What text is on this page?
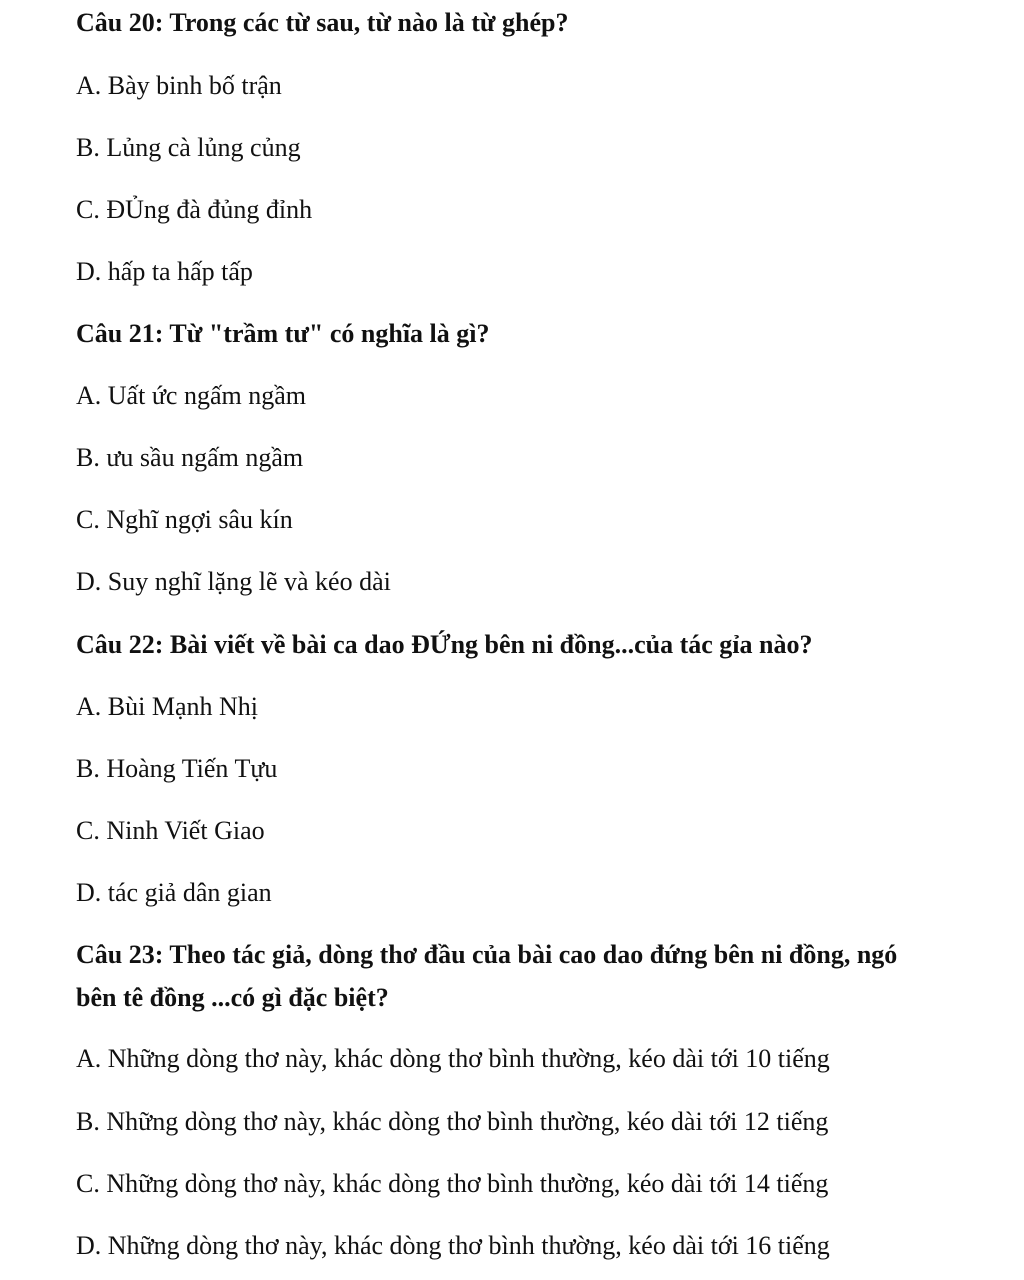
Câu 20: Trong các từ sau, từ nào là từ ghép?

A. Bày binh bố trận

B. Lủng cà lủng củng

C. ĐỦng đà đủng đỉnh

D. hấp ta hấp tấp

Câu 21: Từ "trầm tư" có nghĩa là gì?

A. Uất ức ngấm ngầm

B. ưu sầu ngấm ngầm

C. Nghĩ ngợi sâu kín

D. Suy nghĩ lặng lẽ và kéo dài

Câu 22: Bài viết về bài ca dao ĐỨng bên ni đồng...của tác gỉa nào?

A. Bùi Mạnh Nhị

B. Hoàng Tiến Tựu

C. Ninh Viết Giao

D. tác giả dân gian

Câu 23: Theo tác giả, dòng thơ đầu của bài cao dao đứng bên ni đồng, ngó

bên tê đồng ...có gì đặc biệt?

A. Những dòng thơ này, khác dòng thơ bình thường, kéo dài tới 10 tiếng

B. Những dòng thơ này, khác dòng thơ bình thường, kéo dài tới 12 tiếng

C. Những dòng thơ này, khác dòng thơ bình thường, kéo dài tới 14 tiếng

D. Những dòng thơ này, khác dòng thơ bình thường, kéo dài tới 16 tiếng
